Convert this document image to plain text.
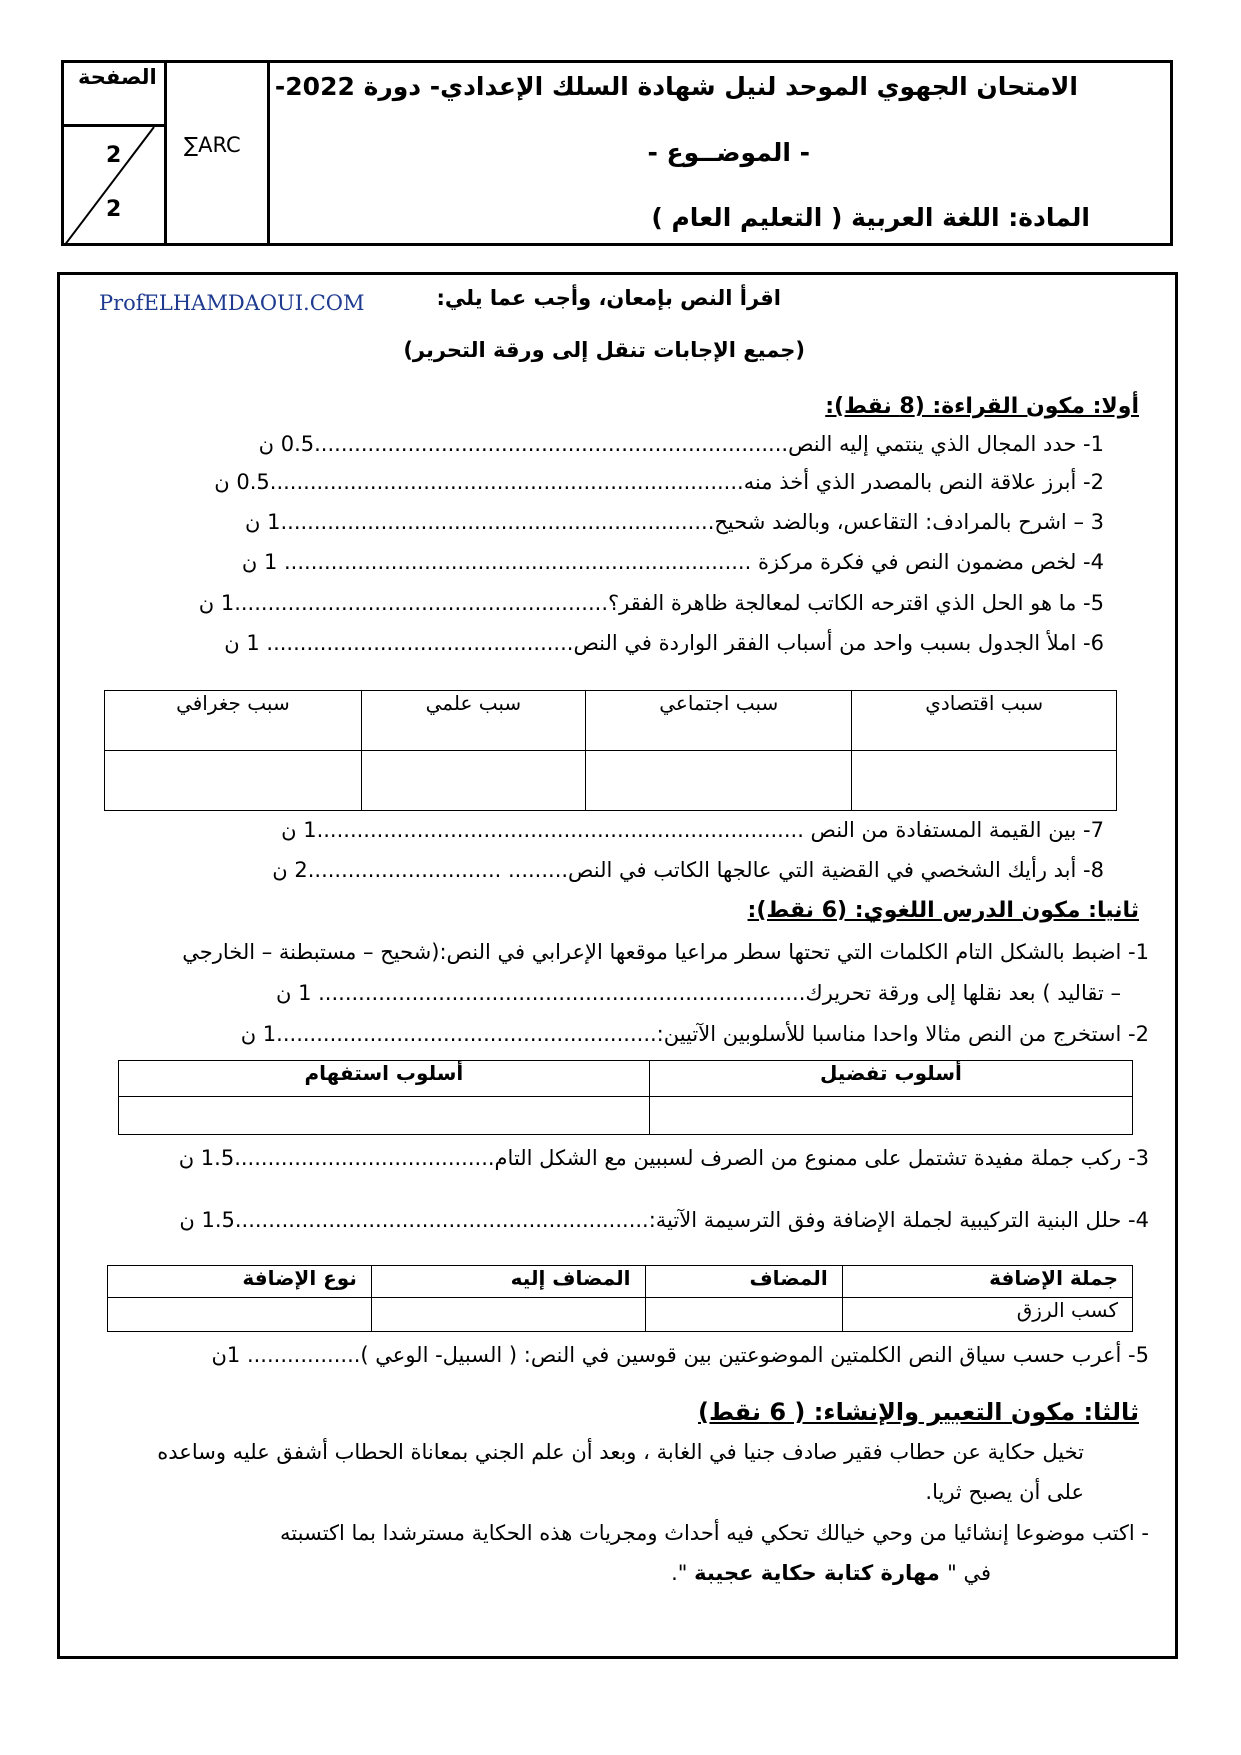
الصفحة
2
2
∑ARC
الامتحان الجهوي الموحد لنيل شهادة السلك الإعدادي- دورة 2022-
- الموضــوع -
المادة: اللغة العربية ( التعليم العام )
ProfELHAMDAOUI.COM	اقرأ النص بإمعان، وأجب عما يلي:
(جميع الإجابات تنقل إلى ورقة التحرير)
أولا: مكون القراءة: (8 نقط):
1- حدد المجال الذي ينتمي إليه النص.......................................................................0.5 ن
2- أبرز علاقة النص بالمصدر الذي أخذ منه.......................................................................0.5 ن
3 – اشرح بالمرادف: التقاعس، وبالضد شحيح.................................................................1 ن
4- لخص مضمون النص في فكرة مركزة ...................................................................... 1 ن
5- ما هو الحل الذي اقترحه الكاتب لمعالجة ظاهرة الفقر؟........................................................1 ن
6- املأ الجدول بسبب واحد من أسباب الفقر الواردة في النص.............................................. 1 ن
سبب اقتصادي	سبب اجتماعي	سبب علمي	سبب جغرافي

7- بين القيمة المستفادة من النص .........................................................................1 ن
8- أبد رأيك الشخصي في القضية التي عالجها الكاتب في النص......... .............................2 ن
ثانيا: مكون الدرس اللغوي: (6 نقط):
1- اضبط بالشكل التام الكلمات التي تحتها سطر مراعيا موقعها الإعرابي في النص:(شحيح – مستبطنة – الخارجي
– تقاليد ) بعد نقلها إلى ورقة تحريرك......................................................................... 1 ن
2- استخرج من النص مثالا واحدا مناسبا للأسلوبين الآتيين:.........................................................1 ن
أسلوب تفضيل	أسلوب استفهام

3- ركب جملة مفيدة تشتمل على ممنوع من الصرف لسببين مع الشكل التام.......................................1.5 ن
4- حلل البنية التركيبية لجملة الإضافة وفق الترسيمة الآتية:..............................................................1.5 ن
جملة الإضافة	المضاف	المضاف إليه	نوع الإضافة
كسب الرزق			
5- أعرب حسب سياق النص الكلمتين الموضوعتين بين قوسين في النص: ( السبيل- الوعي )................. 1ن
ثالثا: مكون التعبير والإنشاء: ( 6 نقط)
تخيل حكاية عن حطاب فقير صادف جنيا في الغابة ، وبعد أن علم الجني بمعاناة الحطاب أشفق عليه وساعده
على أن يصبح ثريا.
- اكتب موضوعا إنشائيا من وحي خيالك تحكي فيه أحداث ومجريات هذه الحكاية مسترشدا بما اكتسبته
في " مهارة كتابة حكاية عجيبة ".
